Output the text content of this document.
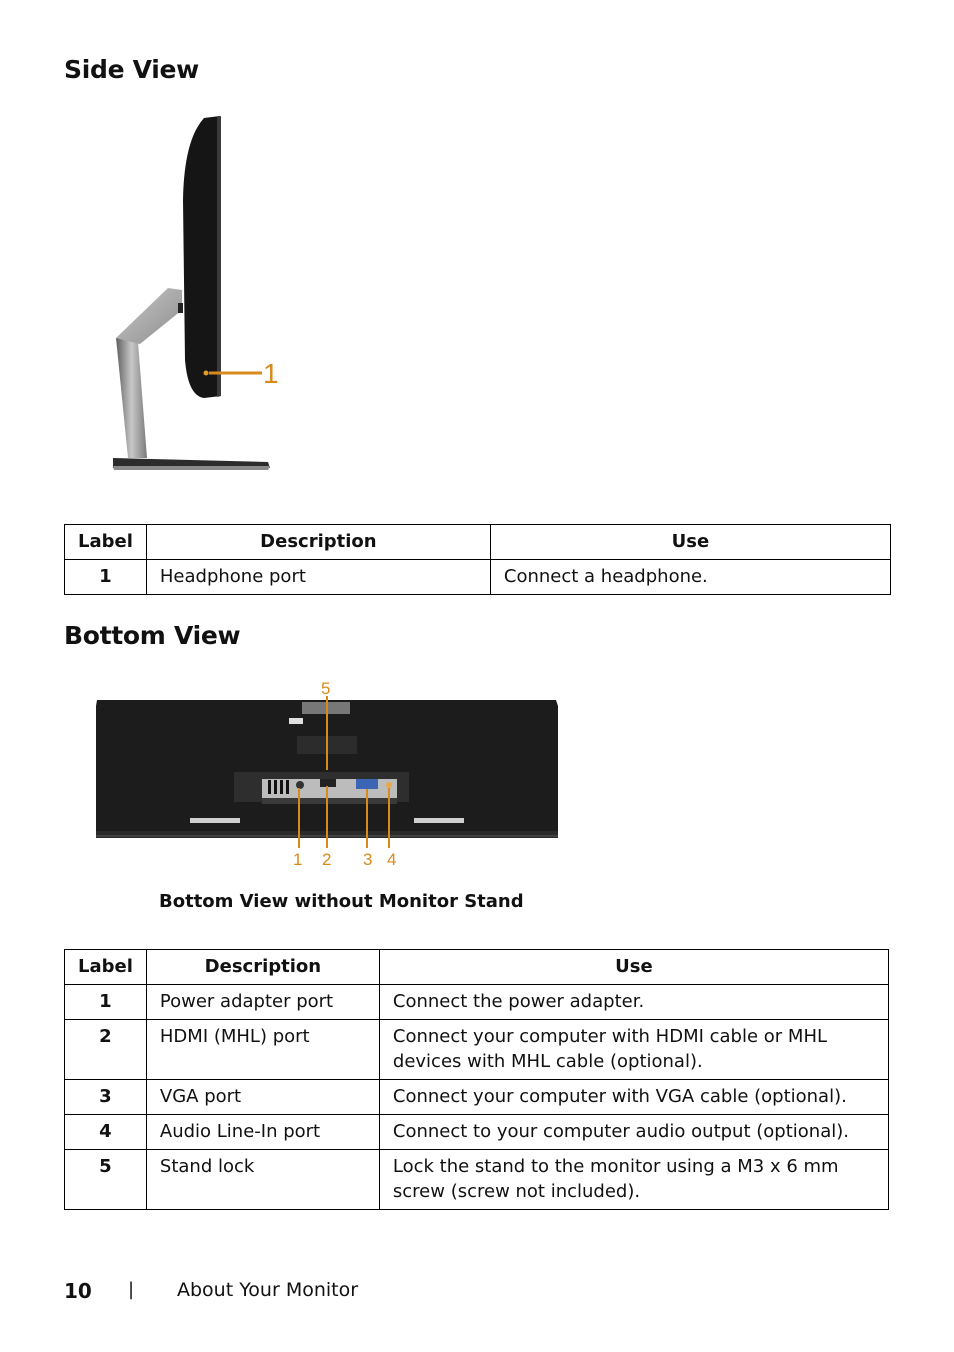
Side View
1
Label	Description	Use
1	Headphone port	Connect a headphone.
Bottom View
5
1 2 3 4

Bottom View without Monitor Stand

Label	Description	Use
1	Power adapter port	Connect the power adapter.
2	HDMI (MHL) port	Connect your computer with HDMI cable or MHL devices with MHL cable (optional).
3	VGA port	Connect your computer with VGA cable (optional).
4	Audio Line-In port	Connect to your computer audio output (optional).
5	Stand lock	Lock the stand to the monitor using a M3 x 6 mm screw (screw not included).
10 | About Your Monitor
